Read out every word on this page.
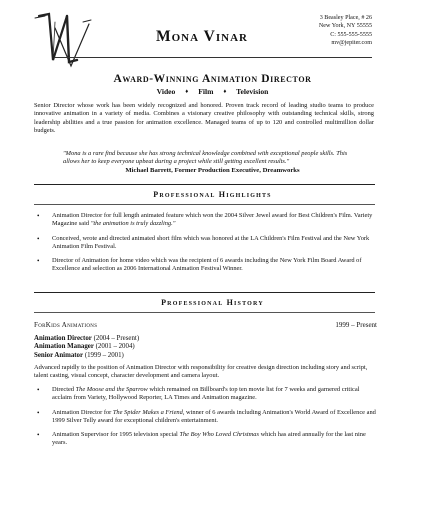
Mona Vinar
3 Beasley Place, # 26
New York, NY 55555
C: 555-555-5555
mv@jepiter.com
Award-Winning Animation Director
Video ♦ Film ♦ Television
Senior Director whose work has been widely recognized and honored. Proven track record of leading studio teams to produce innovative animation in a variety of media. Combines a visionary creative philosophy with outstanding technical skills, strong leadership abilities and a true passion for animation excellence. Managed teams of up to 120 and controlled multimillion dollar budgets.
"Mona is a rare find because she has strong technical knowledge combined with exceptional people skills. This allows her to keep everyone upbeat during a project while still getting excellent results."
Michael Barrett, Former Production Executive, Dreamworks
Professional Highlights
• Animation Director for full length animated feature which won the 2004 Silver Jewel award for Best Children's Film. Variety Magazine said "the animation is truly dazzling."
• Conceived, wrote and directed animated short film which was honored at the LA Children's Film Festival and the New York Animation Film Festival.
• Director of Animation for home video which was the recipient of 6 awards including the New York Film Board Award of Excellence and selection as 2006 International Animation Festival Winner.
Professional History
ForKids Animations	1999 – Present
Animation Director (2004 – Present)
Animation Manager (2001 – 2004)
Senior Animator (1999 – 2001)
Advanced rapidly to the position of Animation Director with responsibility for creative design direction including story and script, talent casting, visual concept, character development and camera layout.
• Directed The Moose and the Sparrow which remained on Billboard's top ten movie list for 7 weeks and garnered critical acclaim from Variety, Hollywood Reporter, LA Times and Animation magazine.
• Animation Director for The Spider Makes a Friend, winner of 6 awards including Animation's World Award of Excellence and 1999 Silver Telly award for exceptional children's entertainment.
• Animation Supervisor for 1995 television special The Boy Who Loved Christmas which has aired annually for the last nine years.
